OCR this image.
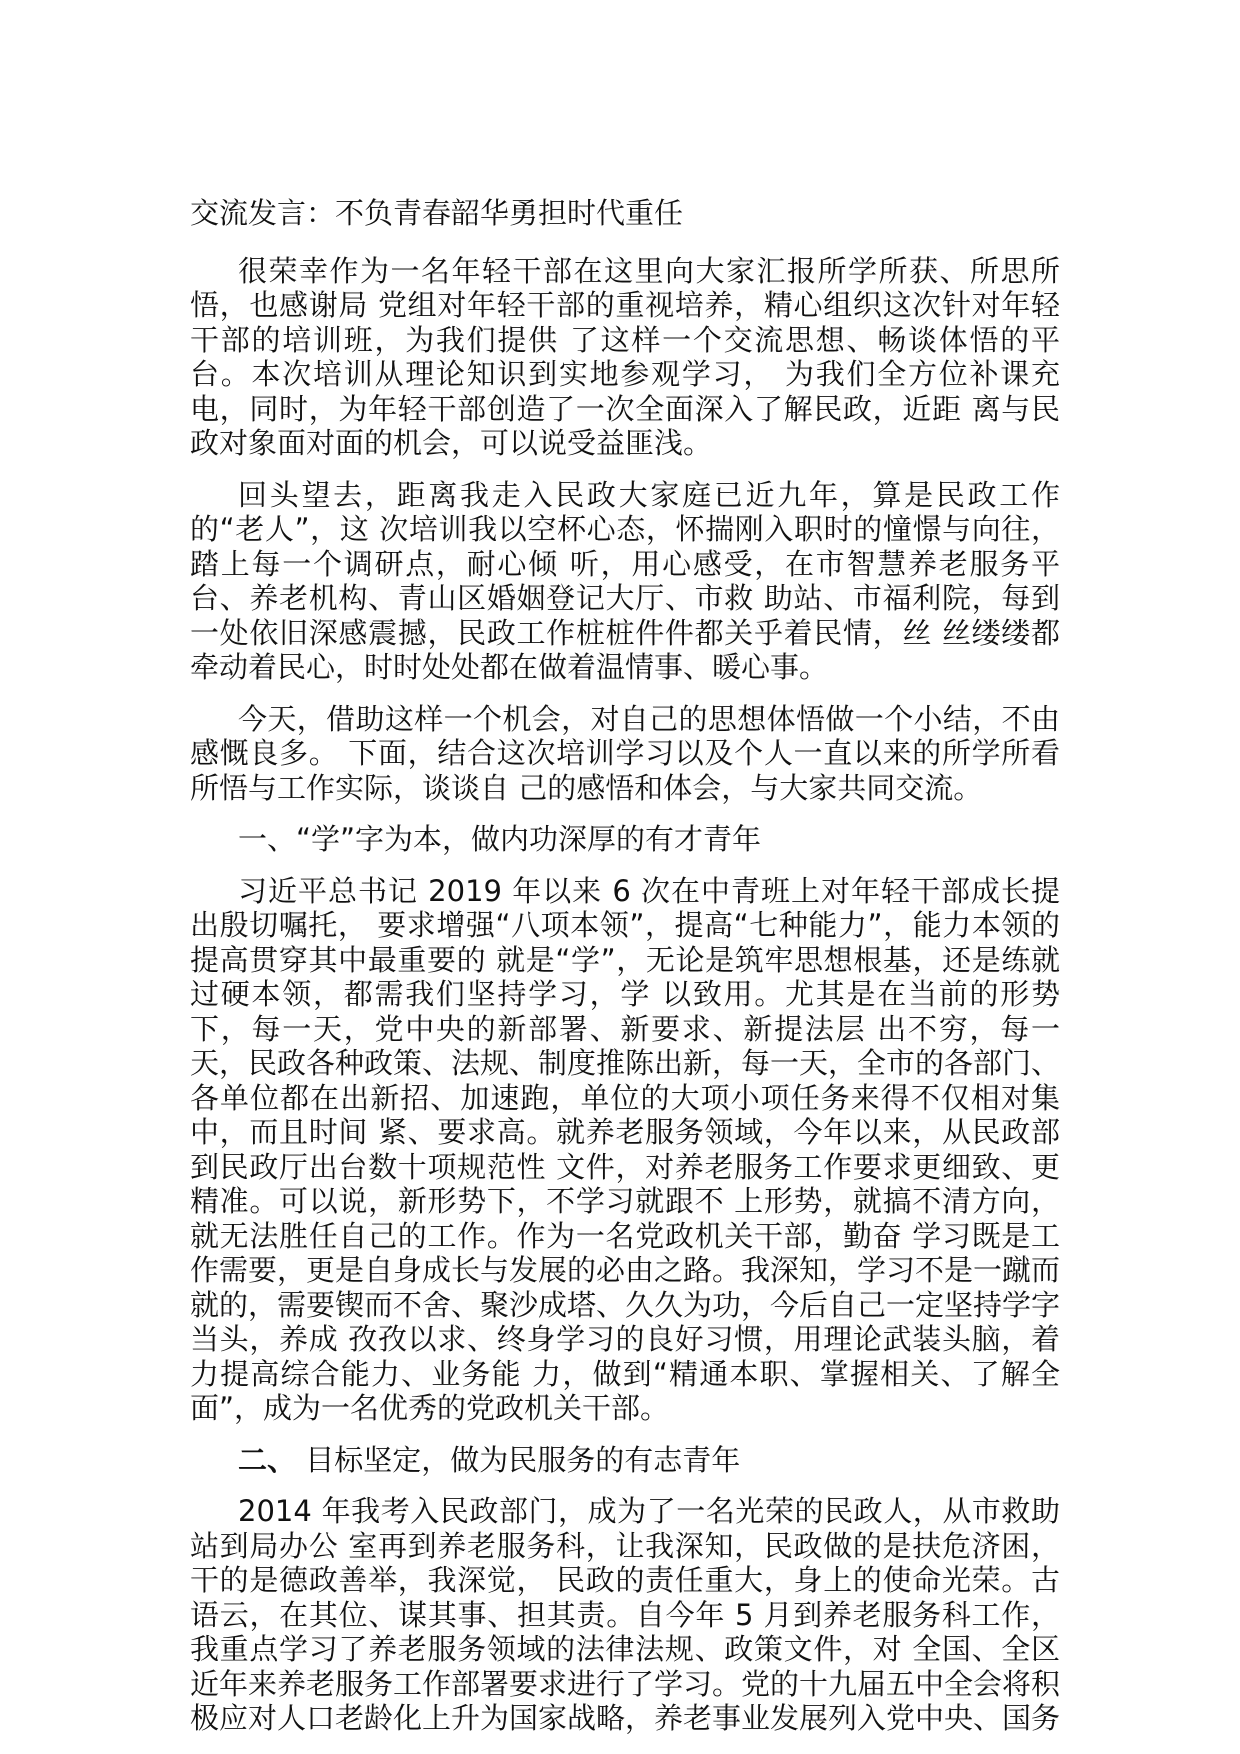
交流发言：不负青春韶华勇担时代重任

很荣幸作为一名年轻干部在这里向大家汇报所学所获、所思所悟，也感谢局 党组对年轻干部的重视培养，精心组织这次针对年轻干部的培训班，为我们提供 了这样一个交流思想、畅谈体悟的平台。本次培训从理论知识到实地参观学习， 为我们全方位补课充电，同时，为年轻干部创造了一次全面深入了解民政，近距 离与民政对象面对面的机会，可以说受益匪浅。

回头望去，距离我走入民政大家庭已近九年，算是民政工作的“老人”，这 次培训我以空杯心态，怀揣刚入职时的憧憬与向往，踏上每一个调研点，耐心倾 听，用心感受，在市智慧养老服务平台、养老机构、青山区婚姻登记大厅、市救 助站、市福利院，每到一处依旧深感震撼，民政工作桩桩件件都关乎着民情，丝 丝缕缕都牵动着民心，时时处处都在做着温情事、暖心事。

今天，借助这样一个机会，对自己的思想体悟做一个小结，不由感慨良多。 下面，结合这次培训学习以及个人一直以来的所学所看所悟与工作实际，谈谈自 己的感悟和体会，与大家共同交流。

一、“学”字为本，做内功深厚的有才青年

习近平总书记 2019 年以来 6 次在中青班上对年轻干部成长提出殷切嘱托， 要求增强“八项本领”，提高“七种能力”，能力本领的提高贯穿其中最重要的 就是“学”，无论是筑牢思想根基，还是练就过硬本领，都需我们坚持学习，学 以致用。尤其是在当前的形势下，每一天，党中央的新部署、新要求、新提法层 出不穷，每一天，民政各种政策、法规、制度推陈出新，每一天，全市的各部门、 各单位都在出新招、加速跑，单位的大项小项任务来得不仅相对集中，而且时间 紧、要求高。就养老服务领域，今年以来，从民政部到民政厅出台数十项规范性 文件，对养老服务工作要求更细致、更精准。可以说，新形势下，不学习就跟不 上形势，就搞不清方向，就无法胜任自己的工作。作为一名党政机关干部，勤奋 学习既是工作需要，更是自身成长与发展的必由之路。我深知，学习不是一蹴而 就的，需要锲而不舍、聚沙成塔、久久为功，今后自己一定坚持学字当头，养成 孜孜以求、终身学习的良好习惯，用理论武装头脑，着力提高综合能力、业务能 力，做到“精通本职、掌握相关、了解全面”，成为一名优秀的党政机关干部。

二、 目标坚定，做为民服务的有志青年

2014 年我考入民政部门，成为了一名光荣的民政人，从市救助站到局办公 室再到养老服务科，让我深知，民政做的是扶危济困，干的是德政善举，我深觉， 民政的责任重大，身上的使命光荣。古语云，在其位、谋其事、担其责。自今年 5 月到养老服务科工作，我重点学习了养老服务领域的法律法规、政策文件，对 全国、全区近年来养老服务工作部署要求进行了学习。党的十九届五中全会将积极应对人口老龄化上升为国家战略，养老事业发展列入党中央、国务
